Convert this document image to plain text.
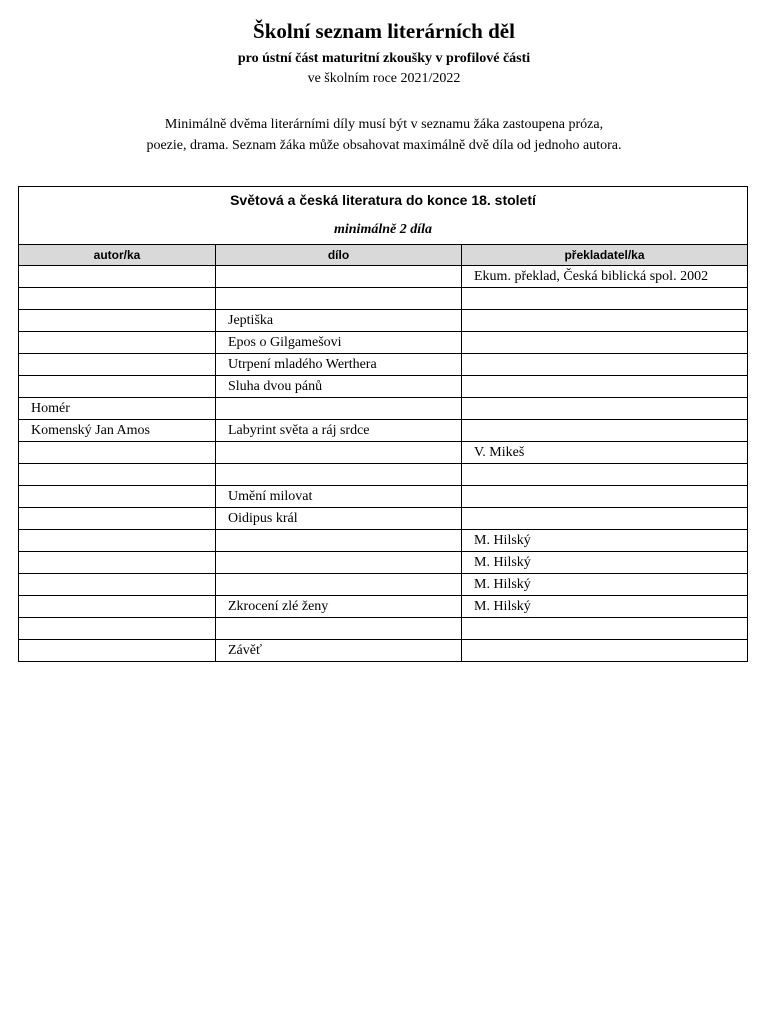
Školní seznam literárních děl
pro ústní část maturitní zkoušky v profilové části
ve školním roce 2021/2022
Minimálně dvěma literárními díly musí být v seznamu žáka zastoupena próza,
poezie, drama. Seznam žáka může obsahovat maximálně dvě díla od jednoho autora.
Světová a česká literatura do konce 18. století
minimálně 2 díla		

autor/ka	dílo	překladatel/ka
		Ekum. překlad, Česká biblická spol. 2002

	Jeptiška	
	Epos o Gilgamešovi	
	Utrpení mladého Werthera	
	Sluha dvou pánů	
Homér		
Komenský Jan Amos	Labyrint světa a ráj srdce	
		V. Mikeš

	Umění milovat	
	Oidipus král	
		M. Hilský
		M. Hilský
		M. Hilský
	Zkrocení zlé ženy	M. Hilský

	Závěť	
